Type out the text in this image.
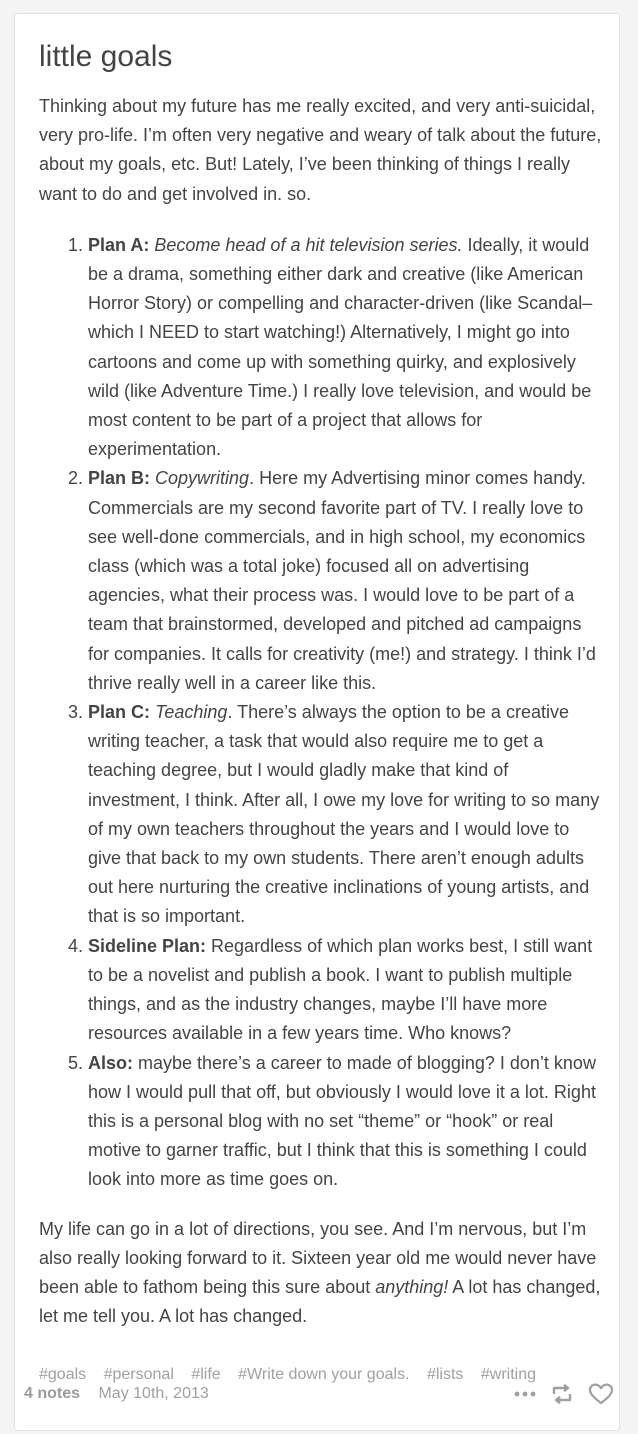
little goals

Thinking about my future has me really excited, and very anti-suicidal, very pro-life. I’m often very negative and weary of talk about the future, about my goals, etc. But! Lately, I’ve been thinking of things I really want to do and get involved in. so.

1. Plan A: Become head of a hit television series. Ideally, it would be a drama, something either dark and creative (like American Horror Story) or compelling and character-driven (like Scandal–which I NEED to start watching!) Alternatively, I might go into cartoons and come up with something quirky, and explosively wild (like Adventure Time.) I really love television, and would be most content to be part of a project that allows for experimentation.
2. Plan B: Copywriting. Here my Advertising minor comes handy. Commercials are my second favorite part of TV. I really love to see well-done commercials, and in high school, my economics class (which was a total joke) focused all on advertising agencies, what their process was. I would love to be part of a team that brainstormed, developed and pitched ad campaigns for companies. It calls for creativity (me!) and strategy. I think I’d thrive really well in a career like this.
3. Plan C: Teaching. There’s always the option to be a creative writing teacher, a task that would also require me to get a teaching degree, but I would gladly make that kind of investment, I think. After all, I owe my love for writing to so many of my own teachers throughout the years and I would love to give that back to my own students. There aren’t enough adults out here nurturing the creative inclinations of young artists, and that is so important.
4. Sideline Plan: Regardless of which plan works best, I still want to be a novelist and publish a book. I want to publish multiple things, and as the industry changes, maybe I’ll have more resources available in a few years time. Who knows?
5. Also: maybe there’s a career to made of blogging? I don’t know how I would pull that off, but obviously I would love it a lot. Right this is a personal blog with no set “theme” or “hook” or real motive to garner traffic, but I think that this is something I could look into more as time goes on.

My life can go in a lot of directions, you see. And I’m nervous, but I’m also really looking forward to it. Sixteen year old me would never have been able to fathom being this sure about anything! A lot has changed, let me tell you. A lot has changed.

#goals #personal #life #Write down your goals. #lists #writing
4 notes May 10th, 2013
